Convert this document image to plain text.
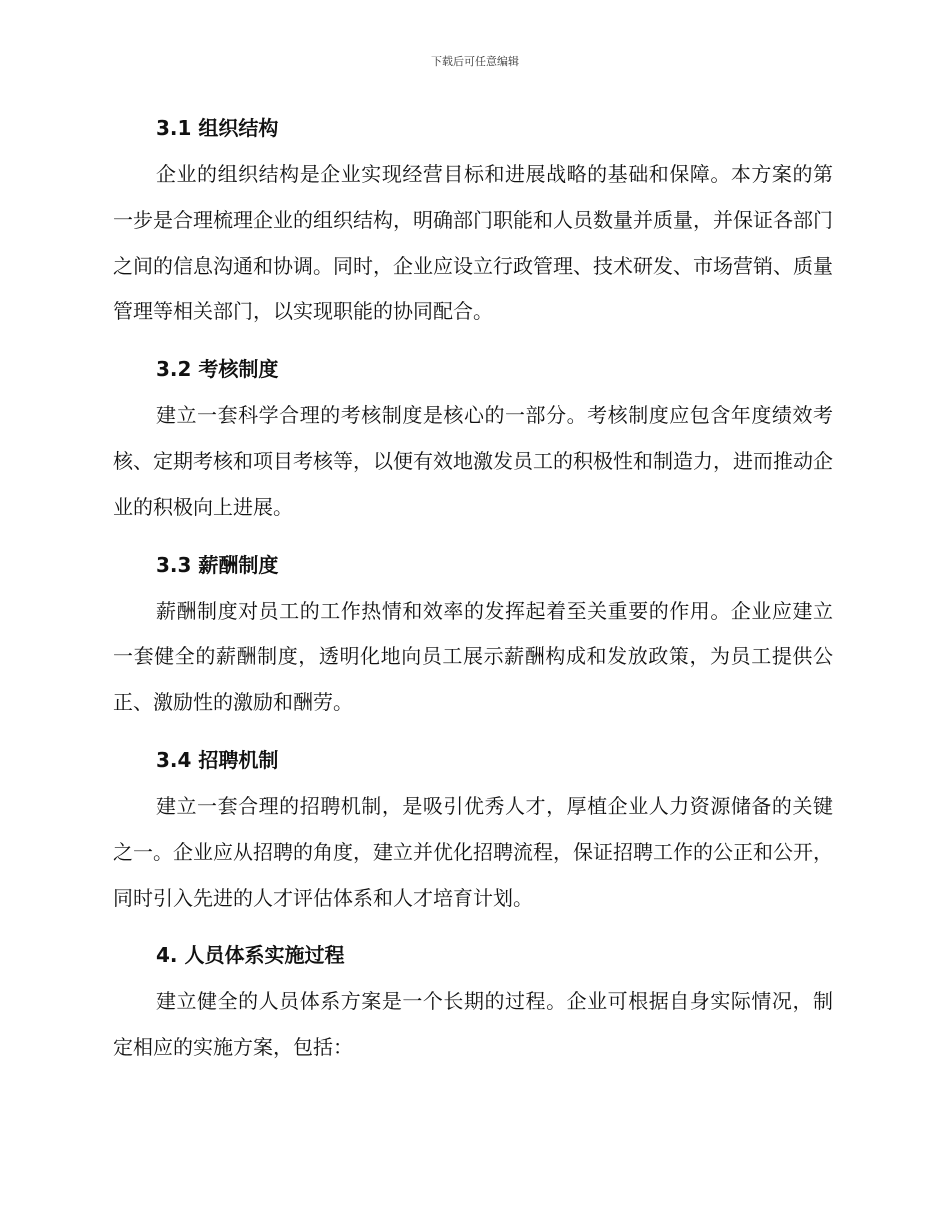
下载后可任意编辑
3.1 组织结构

企业的组织结构是企业实现经营目标和进展战略的基础和保障。本方案的第一步是合理梳理企业的组织结构，明确部门职能和人员数量并质量，并保证各部门之间的信息沟通和协调。同时，企业应设立行政管理、技术研发、市场营销、质量管理等相关部门，以实现职能的协同配合。

3.2 考核制度

建立一套科学合理的考核制度是核心的一部分。考核制度应包含年度绩效考核、定期考核和项目考核等，以便有效地激发员工的积极性和制造力，进而推动企业的积极向上进展。

3.3 薪酬制度

薪酬制度对员工的工作热情和效率的发挥起着至关重要的作用。企业应建立一套健全的薪酬制度，透明化地向员工展示薪酬构成和发放政策，为员工提供公正、激励性的激励和酬劳。

3.4 招聘机制

建立一套合理的招聘机制，是吸引优秀人才，厚植企业人力资源储备的关键之一。企业应从招聘的角度，建立并优化招聘流程，保证招聘工作的公正和公开，同时引入先进的人才评估体系和人才培育计划。

4. 人员体系实施过程

建立健全的人员体系方案是一个长期的过程。企业可根据自身实际情况，制定相应的实施方案，包括：
